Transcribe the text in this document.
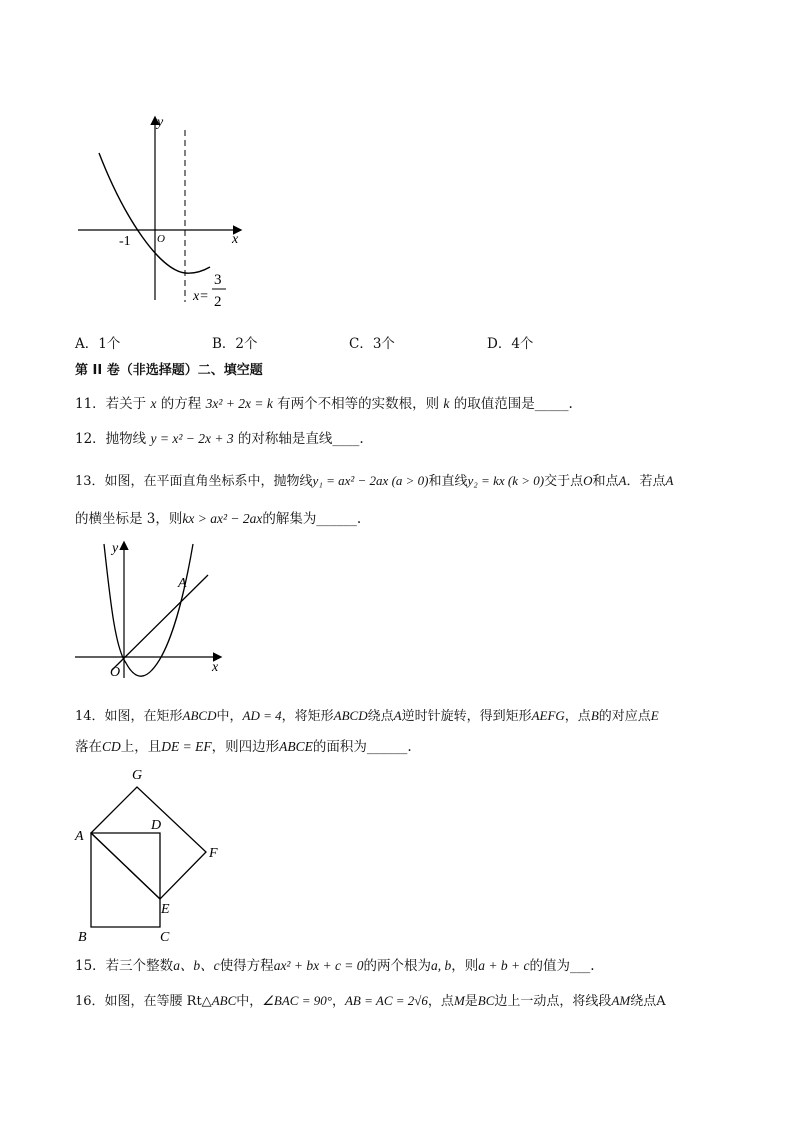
y
x
O
-1
x=
3
2
A．1个	B．2个	C．3个	D．4个
第 II 卷（非选择题）二、填空题
11．若关于 x 的方程 3x² + 2x = k 有两个不相等的实数根，则 k 的取值范围是_____.
12．抛物线 y = x² − 2x + 3 的对称轴是直线____.
13．如图，在平面直角坐标系中，抛物线y₁ = ax² − 2ax (a > 0)和直线y₂ = kx (k > 0)交于点O和点A．若点A
的横坐标是 3，则kx > ax² − 2ax的解集为______.
y
x
O
A
14．如图，在矩形ABCD中，AD = 4，将矩形ABCD绕点A逆时针旋转，得到矩形AEFG，点B的对应点E
落在CD上，且DE = EF，则四边形ABCE的面积为______.
G
A
D
F
E
B	C
15．若三个整数a、b、c使得方程ax² + bx + c = 0的两个根为a, b，则a + b + c的值为___.
16．如图，在等腰 Rt△ABC中，∠BAC = 90°，AB = AC = 2√6，点M是BC边上一动点，将线段AM绕点A
